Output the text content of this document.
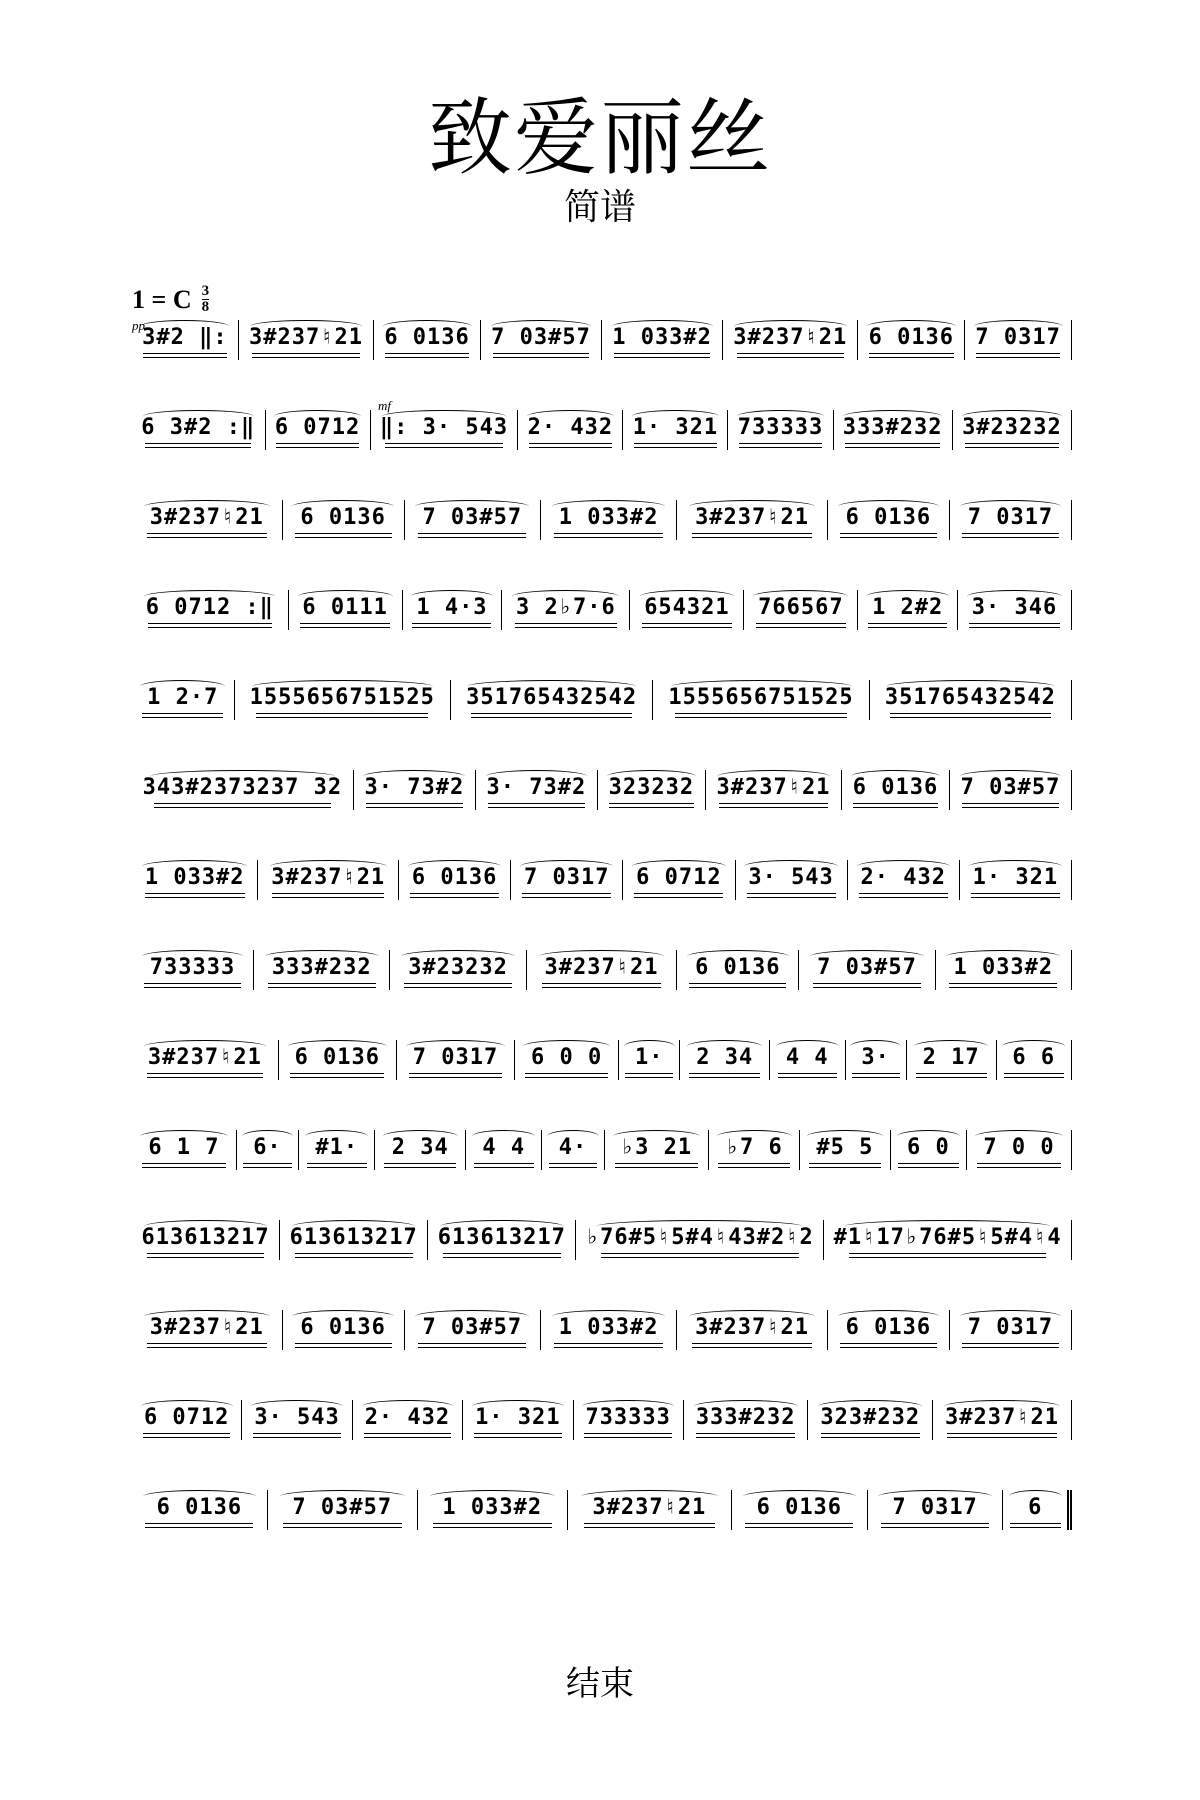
致爱丽丝
简谱
1 = C 3
8
pp
mf
3#2 ‖: 3#237♮21 6 0136 7 03#57 1 033#2 3#237♮21 6 0136 7 0317
6 3#2 :‖ 6 0712 ‖: 3· 543 2· 432 1· 321 733333 333#232 3#23232
3#237♮21 6 0136 7 03#57 1 033#2 3#237♮21 6 0136 7 0317
6 0712 :‖ 6 0111 1 4·3 3 2♭7·6 654321 766567 1 2#2 3· 346
1 2·7 1555656751525 351765432542 1555656751525 351765432542
343#2373237 32 3· 73#2 3· 73#2 323232 3#237♮21 6 0136 7 03#57
1 033#2 3#237♮21 6 0136 7 0317 6 0712 3· 543 2· 432 1· 321
733333 333#232 3#23232 3#237♮21 6 0136 7 03#57 1 033#2
3#237♮21 6 0136 7 0317 6 0 0 1· 2 34 4 4 3· 2 17 6 6
6 1 7 6· #1· 2 34 4 4 4· ♭3 21 ♭7 6 #5 5 6 0 7 0 0
613613217 613613217 613613217 ♭76#5♮5#4♮43#2♮2 #1♮17♭76#5♮5#4♮4
3#237♮21 6 0136 7 03#57 1 033#2 3#237♮21 6 0136 7 0317
6 0712 3· 543 2· 432 1· 321 733333 333#232 323#232 3#237♮21
6 0136 7 03#57 1 033#2 3#237♮21 6 0136 7 0317 6
结束
